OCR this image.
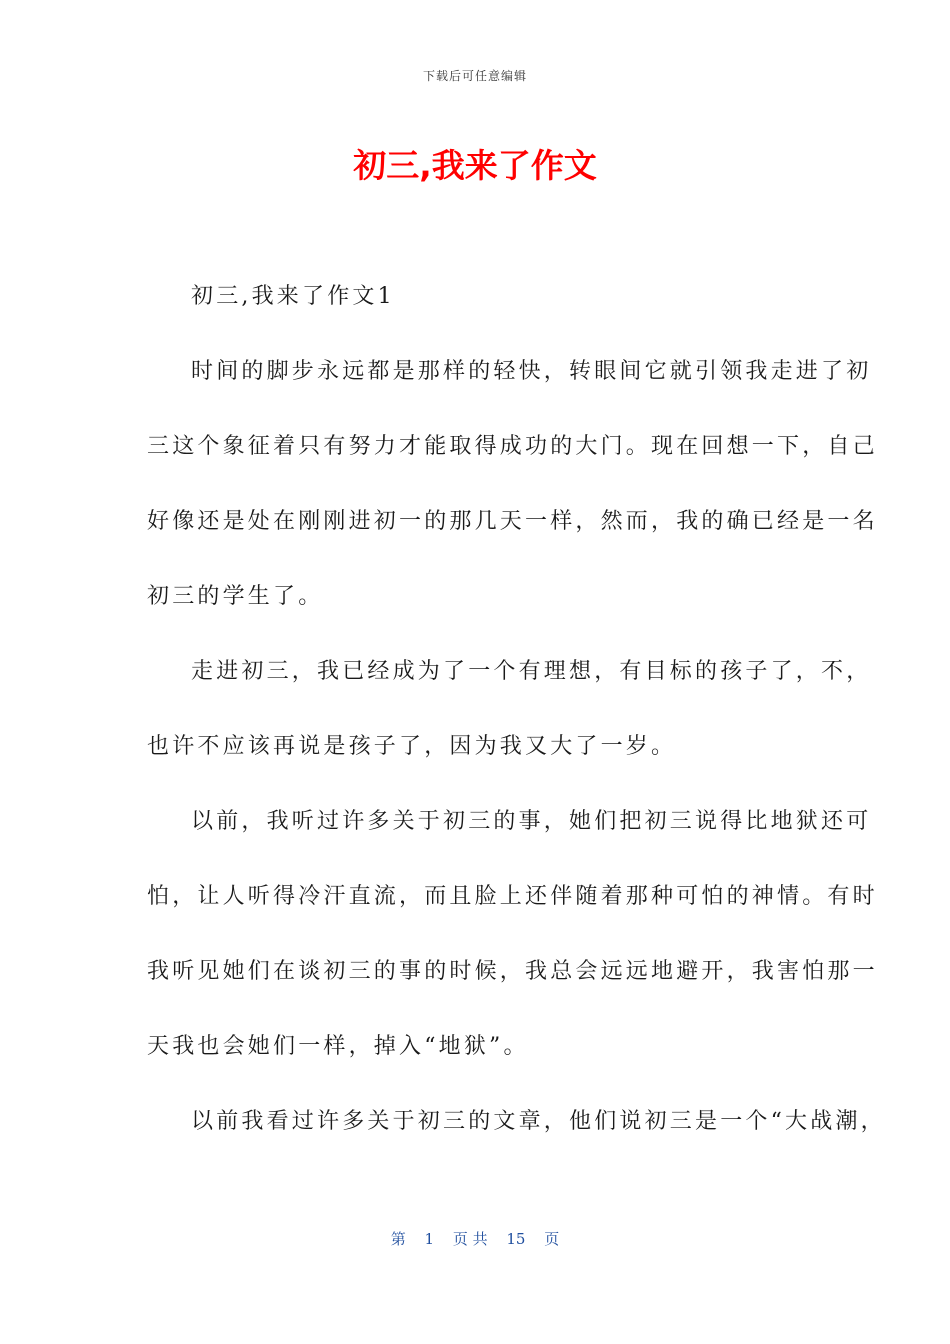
下载后可任意编辑
初三,我来了作文
初三,我来了作文1
时间的脚步永远都是那样的轻快，转眼间它就引领我走进了初
三这个象征着只有努力才能取得成功的大门。现在回想一下，自己
好像还是处在刚刚进初一的那几天一样，然而，我的确已经是一名
初三的学生了。
走进初三，我已经成为了一个有理想，有目标的孩子了，不，
也许不应该再说是孩子了，因为我又大了一岁。
以前，我听过许多关于初三的事，她们把初三说得比地狱还可
怕，让人听得冷汗直流，而且脸上还伴随着那种可怕的神情。有时
我听见她们在谈初三的事的时候，我总会远远地避开，我害怕那一
天我也会她们一样，掉入“地狱”。
以前我看过许多关于初三的文章，他们说初三是一个“大战潮，
第 1 页 共 15 页
